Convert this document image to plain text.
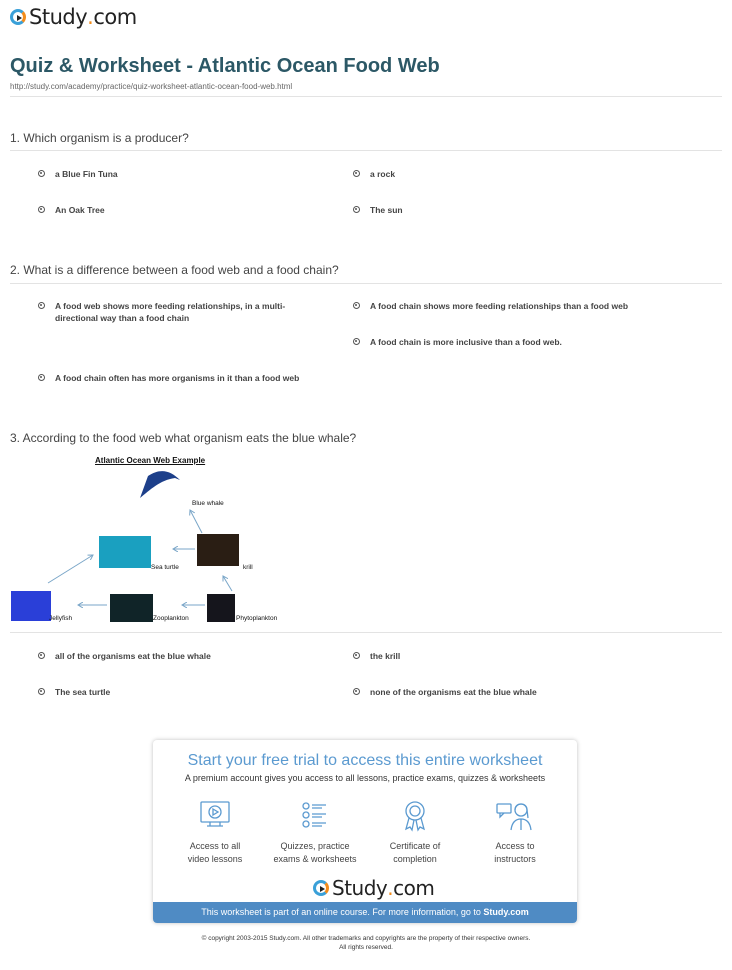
Study . com
Quiz & Worksheet - Atlantic Ocean Food Web
http://study.com/academy/practice/quiz-worksheet-atlantic-ocean-food-web.html
1. Which organism is a producer?
a Blue Fin Tuna	a rock
An Oak Tree	The sun
2. What is a difference between a food web and a food chain?
A food web shows more feeding relationships, in a multi-directional way than a food chain
A food chain shows more feeding relationships than a food web
A food chain is more inclusive than a food web.
A food chain often has more organisms in it than a food web
3. According to the food web what organism eats the blue whale?
Atlantic Ocean Web Example
Blue whale
Sea turtle	krill
Jellyfish	Zooplankton	Phytoplankton
all of the organisms eat the blue whale	the krill
The sea turtle	none of the organisms eat the blue whale
Start your free trial to access this entire worksheet
A premium account gives you access to all lessons, practice exams, quizzes & worksheets
Access to all
video lessons
Quizzes, practice
exams & worksheets
Certificate of
completion
Access to
instructors
Study . com
This worksheet is part of an online course. For more information, go to Study.com
© copyright 2003-2015 Study.com. All other trademarks and copyrights are the property of their respective owners.
All rights reserved.
